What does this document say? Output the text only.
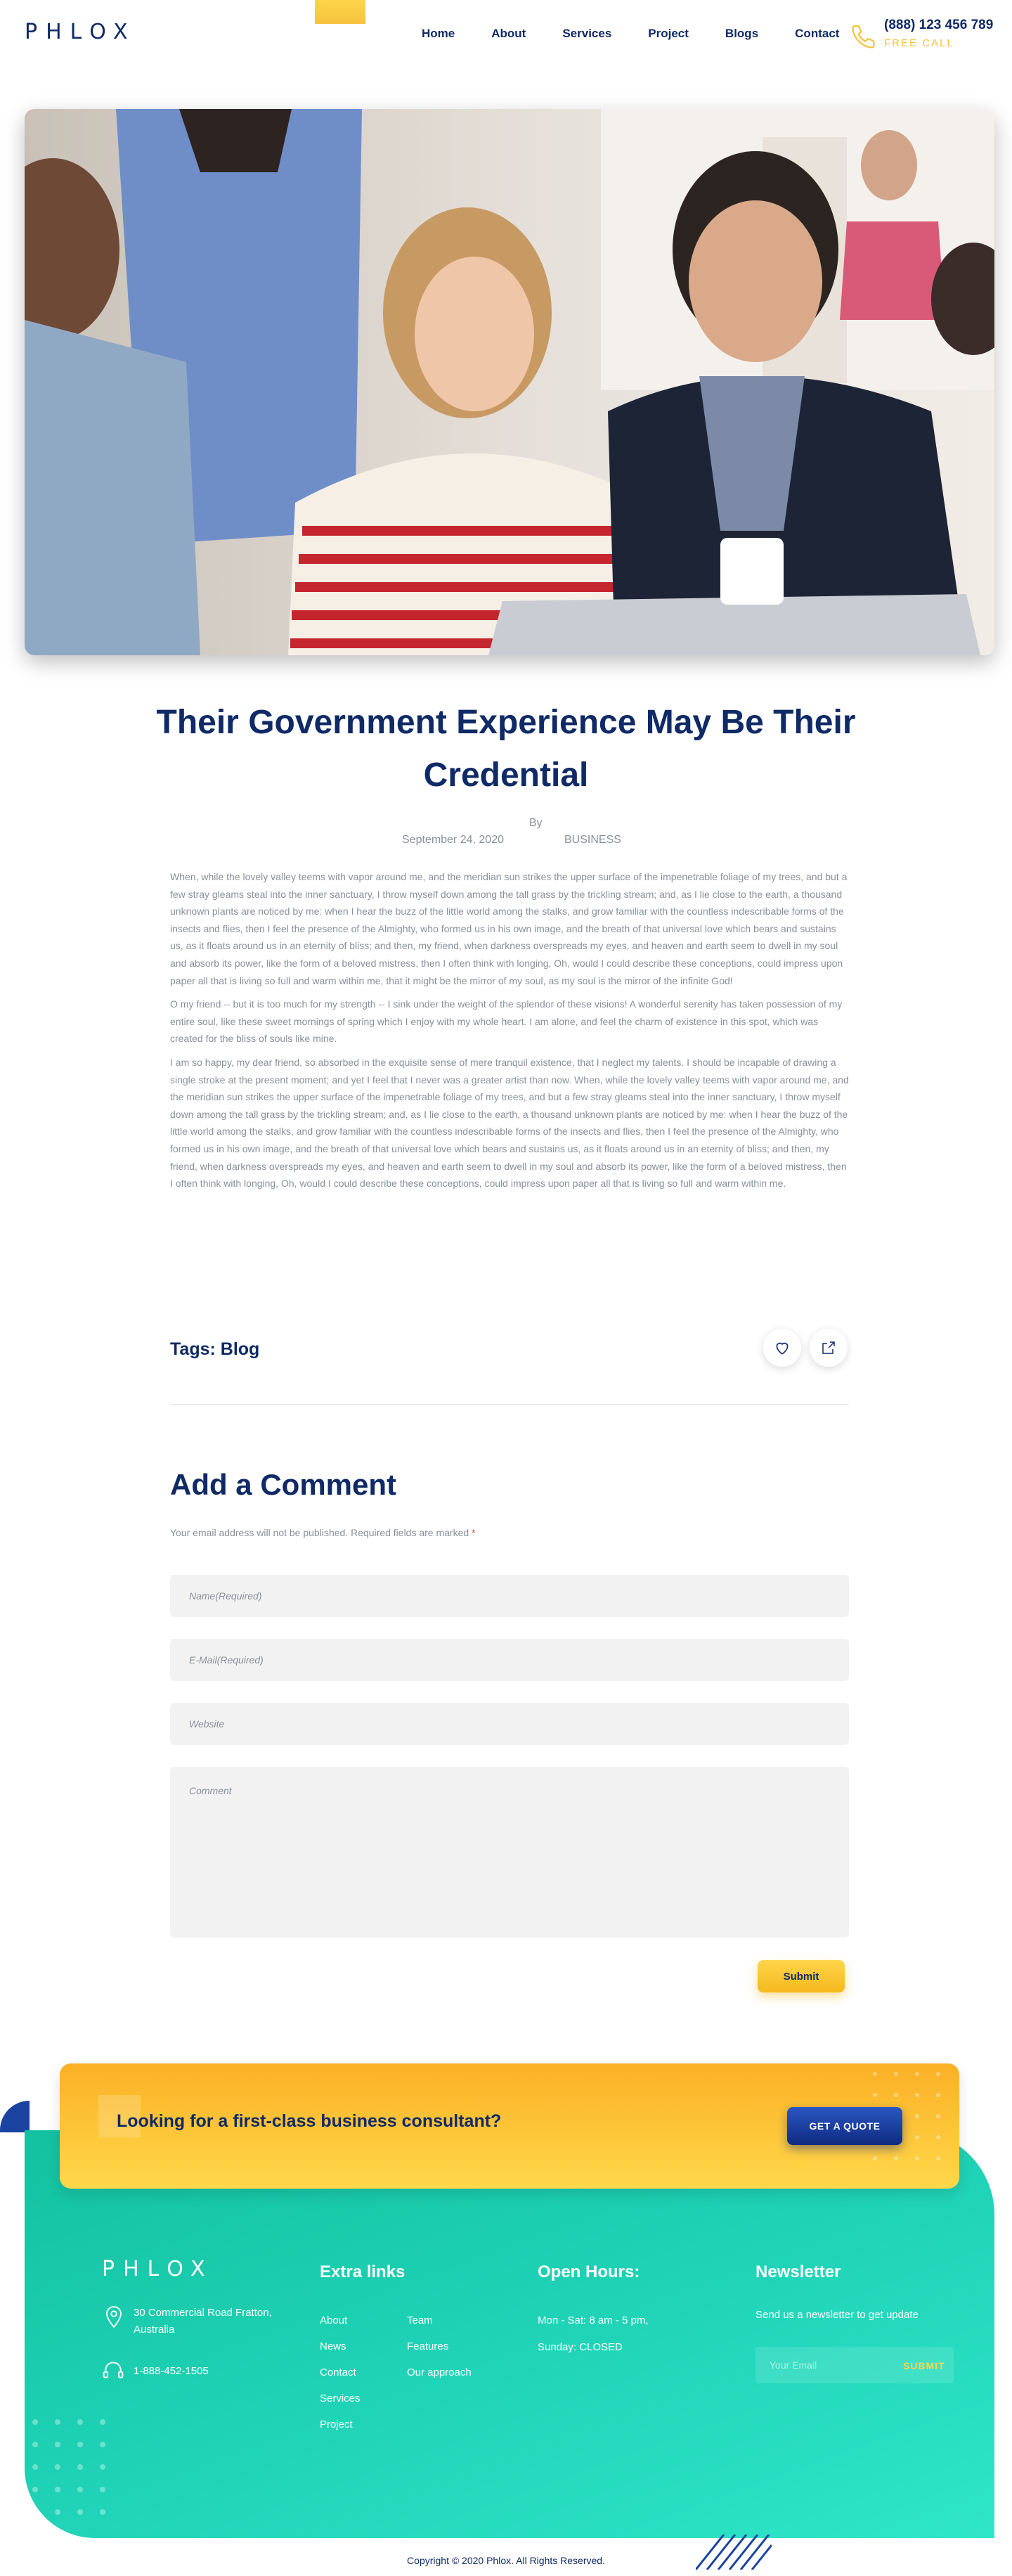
PHLOX	Home	About	Services	Project	Blogs	Contact
(888) 123 456 789
FREE CALL
Their Government Experience May Be Their Credential
By
September 24, 2020	BUSINESS

When, while the lovely valley teems with vapor around me, and the meridian sun strikes the upper surface of the impenetrable foliage of my trees, and but a few stray gleams steal into the inner sanctuary, I throw myself down among the tall grass by the trickling stream; and, as I lie close to the earth, a thousand unknown plants are noticed by me: when I hear the buzz of the little world among the stalks, and grow familiar with the countless indescribable forms of the insects and flies, then I feel the presence of the Almighty, who formed us in his own image, and the breath of that universal love which bears and sustains us, as it floats around us in an eternity of bliss; and then, my friend, when darkness overspreads my eyes, and heaven and earth seem to dwell in my soul and absorb its power, like the form of a beloved mistress, then I often think with longing, Oh, would I could describe these conceptions, could impress upon paper all that is living so full and warm within me, that it might be the mirror of my soul, as my soul is the mirror of the infinite God!

O my friend -- but it is too much for my strength -- I sink under the weight of the splendor of these visions! A wonderful serenity has taken possession of my entire soul, like these sweet mornings of spring which I enjoy with my whole heart. I am alone, and feel the charm of existence in this spot, which was created for the bliss of souls like mine.

I am so happy, my dear friend, so absorbed in the exquisite sense of mere tranquil existence, that I neglect my talents. I should be incapable of drawing a single stroke at the present moment; and yet I feel that I never was a greater artist than now. When, while the lovely valley teems with vapor around me, and the meridian sun strikes the upper surface of the impenetrable foliage of my trees, and but a few stray gleams steal into the inner sanctuary, I throw myself down among the tall grass by the trickling stream; and, as I lie close to the earth, a thousand unknown plants are noticed by me: when I hear the buzz of the little world among the stalks, and grow familiar with the countless indescribable forms of the insects and flies, then I feel the presence of the Almighty, who formed us in his own image, and the breath of that universal love which bears and sustains us, as it floats around us in an eternity of bliss; and then, my friend, when darkness overspreads my eyes, and heaven and earth seem to dwell in my soul and absorb its power, like the form of a beloved mistress, then I often think with longing, Oh, would I could describe these conceptions, could impress upon paper all that is living so full and warm within me.

Tags: Blog
Add a Comment
Your email address will not be published. Required fields are marked *
Name(Required)
E-Mail(Required)
Website
Comment
Submit
Looking for a first-class business consultant?	GET A QUOTE
PHLOX
30 Commercial Road Fratton, Australia
1-888-452-1505
Extra links
About
News
Contact
Services
Project
Team
Features
Our approach
Open Hours:
Mon - Sat: 8 am - 5 pm,
Sunday: CLOSED
Newsletter
Send us a newsletter to get update
Your Email	SUBMIT
Copyright © 2020 Phlox. All Rights Reserved.
